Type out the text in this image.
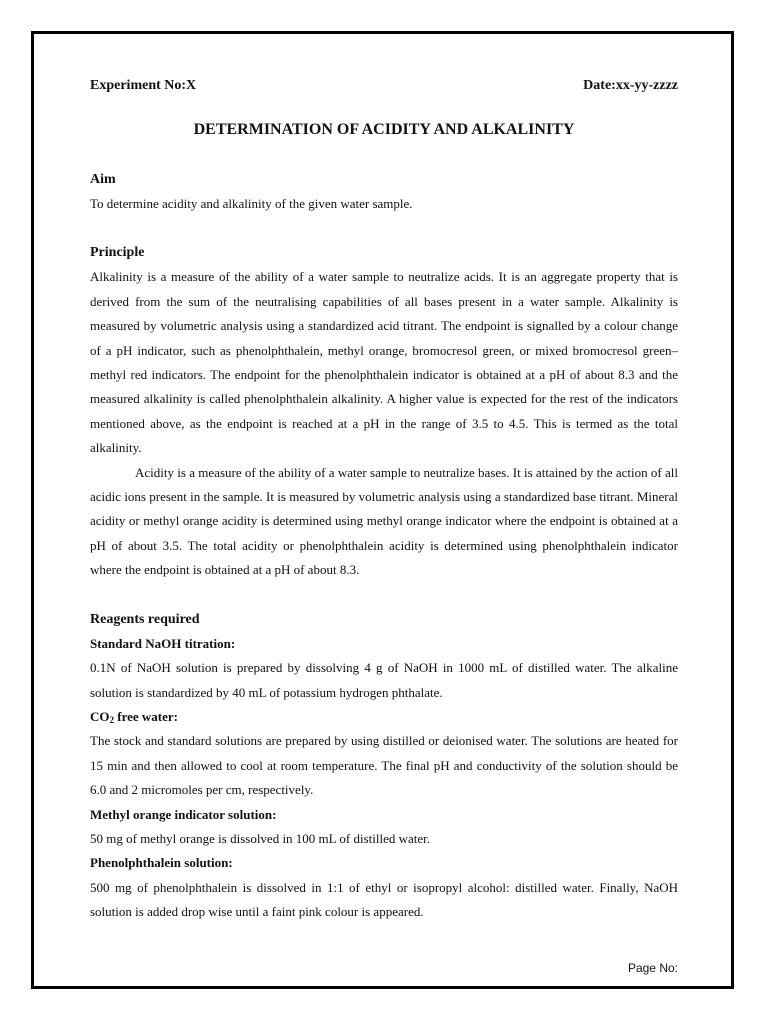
Experiment No:X	Date:xx-yy-zzzz
DETERMINATION OF ACIDITY AND ALKALINITY
Aim

To determine acidity and alkalinity of the given water sample.

Principle

Alkalinity is a measure of the ability of a water sample to neutralize acids. It is an aggregate property that is derived from the sum of the neutralising capabilities of all bases present in a water sample. Alkalinity is measured by volumetric analysis using a standardized acid titrant. The endpoint is signalled by a colour change of a pH indicator, such as phenolphthalein, methyl orange, bromocresol green, or mixed bromocresol green–methyl red indicators. The endpoint for the phenolphthalein indicator is obtained at a pH of about 8.3 and the measured alkalinity is called phenolphthalein alkalinity. A higher value is expected for the rest of the indicators mentioned above, as the endpoint is reached at a pH in the range of 3.5 to 4.5. This is termed as the total alkalinity.

Acidity is a measure of the ability of a water sample to neutralize bases. It is attained by the action of all acidic ions present in the sample. It is measured by volumetric analysis using a standardized base titrant. Mineral acidity or methyl orange acidity is determined using methyl orange indicator where the endpoint is obtained at a pH of about 3.5. The total acidity or phenolphthalein acidity is determined using phenolphthalein indicator where the endpoint is obtained at a pH of about 8.3.

Reagents required
Standard NaOH titration:

0.1N of NaOH solution is prepared by dissolving 4 g of NaOH in 1000 mL of distilled water. The alkaline solution is standardized by 40 mL of potassium hydrogen phthalate.

$CO_2$ free water:

The stock and standard solutions are prepared by using distilled or deionised water. The solutions are heated for 15 min and then allowed to cool at room temperature. The final pH and conductivity of the solution should be 6.0 and 2 micromoles per cm, respectively.

Methyl orange indicator solution:

50 mg of methyl orange is dissolved in 100 mL of distilled water.

Phenolphthalein solution:

500 mg of phenolphthalein is dissolved in 1:1 of ethyl or isopropyl alcohol: distilled water. Finally, NaOH solution is added drop wise until a faint pink colour is appeared.

Page No:
